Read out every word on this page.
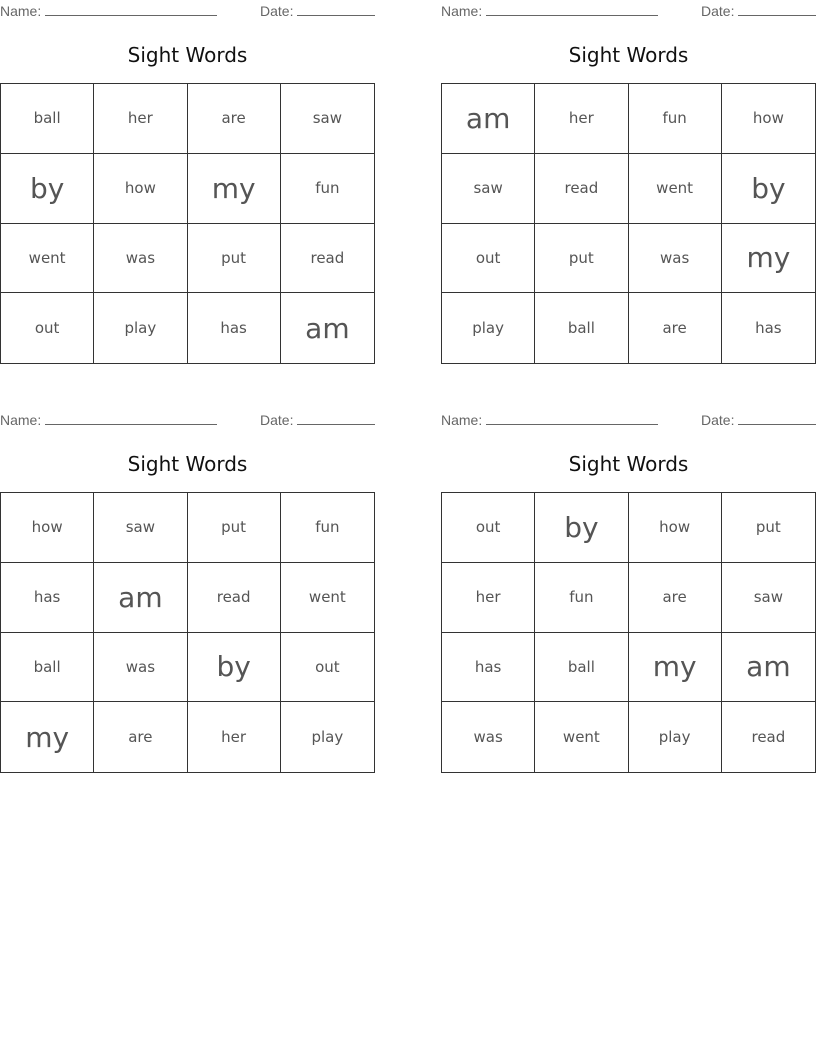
Name:	Date:
Sight Words
ball	her	are	saw
by	how	my	fun
went	was	put	read
out	play	has	am
Name:	Date:
Sight Words
am	her	fun	how
saw	read	went	by
out	put	was	my
play	ball	are	has
Name:	Date:
Sight Words
how	saw	put	fun
has	am	read	went
ball	was	by	out
my	are	her	play
Name:	Date:
Sight Words
out	by	how	put
her	fun	are	saw
has	ball	my	am
was	went	play	read
